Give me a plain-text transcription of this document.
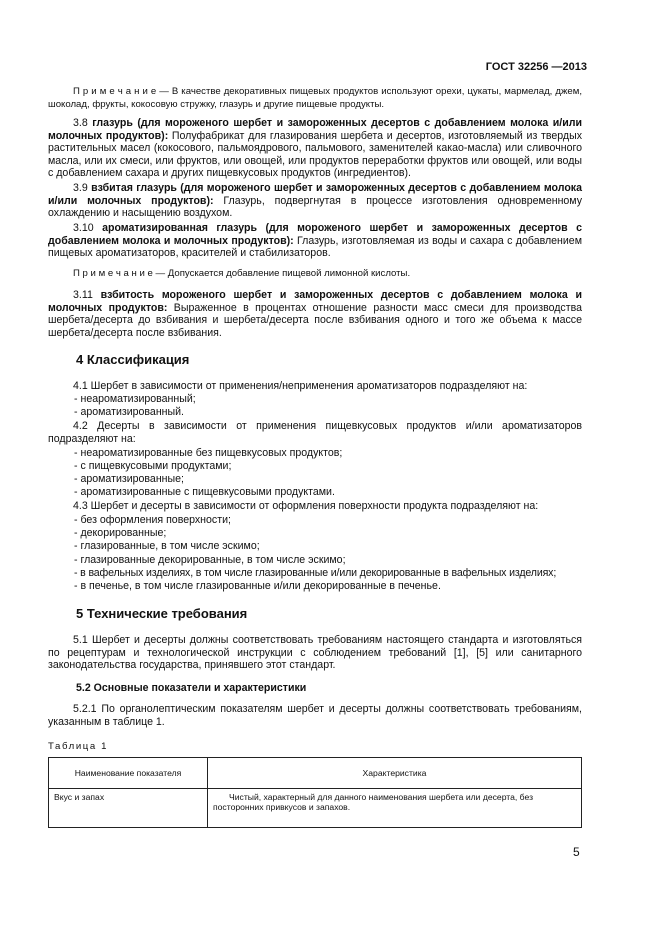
ГОСТ 32256 —2013
П р и м е ч а н и е — В качестве декоративных пищевых продуктов используют орехи, цукаты, мармелад, джем, шоколад, фрукты, кокосовую стружку, глазурь и другие пищевые продукты.
3.8 глазурь (для мороженого шербет и замороженных десертов с добавлением молока и/или молочных продуктов): Полуфабрикат для глазирования шербета и десертов, изготовляемый из твердых растительных масел (кокосового, пальмоядрового, пальмового, заменителей какао-масла) или сливочного масла, или их смеси, или фруктов, или овощей, или продуктов переработки фруктов или овощей, или воды с добавлением сахара и других пищевкусовых продуктов (ингредиентов).
3.9 взбитая глазурь (для мороженого шербет и замороженных десертов с добавлением молока и/или молочных продуктов): Глазурь, подвергнутая в процессе изготовления одновременному охлаждению и насыщению воздухом.
3.10 ароматизированная глазурь (для мороженого шербет и замороженных десертов с добавлением молока и молочных продуктов): Глазурь, изготовляемая из воды и сахара с добавлением пищевых ароматизаторов, красителей и стабилизаторов.
П р и м е ч а н и е — Допускается добавление пищевой лимонной кислоты.
3.11 взбитость мороженого шербет и замороженных десертов с добавлением молока и молочных продуктов: Выраженное в процентах отношение разности масс смеси для производства шербета/десерта до взбивания и шербета/десерта после взбивания одного и того же объема к массе шербета/десерта после взбивания.
4 Классификация
4.1 Шербет в зависимости от применения/неприменения ароматизаторов подразделяют на:
- неароматизированный;
- ароматизированный.
4.2 Десерты в зависимости от применения пищевкусовых продуктов и/или ароматизаторов подразделяют на:
- неароматизированные без пищевкусовых продуктов;
- с пищевкусовыми продуктами;
- ароматизированные;
- ароматизированные с пищевкусовыми продуктами.
4.3 Шербет и десерты в зависимости от оформления поверхности продукта подразделяют на:
- без оформления поверхности;
- декорированные;
- глазированные, в том числе эскимо;
- глазированные декорированные, в том числе эскимо;
- в вафельных изделиях, в том числе глазированные и/или декорированные в вафельных изделиях;
- в печенье, в том числе глазированные и/или декорированные в печенье.
5 Технические требования
5.1 Шербет и десерты должны соответствовать требованиям настоящего стандарта и изготовляться по рецептурам и технологической инструкции с соблюдением требований [1], [5] или санитарного законодательства государства, принявшего этот стандарт.
5.2 Основные показатели и характеристики
5.2.1 По органолептическим показателям шербет и десерты должны соответствовать требованиям, указанным в таблице 1.
Таблица 1
Наименование показателя	Характеристика
Вкус и запах	Чистый, характерный для данного наименования шербета или десерта, без посторонних привкусов и запахов.
5
